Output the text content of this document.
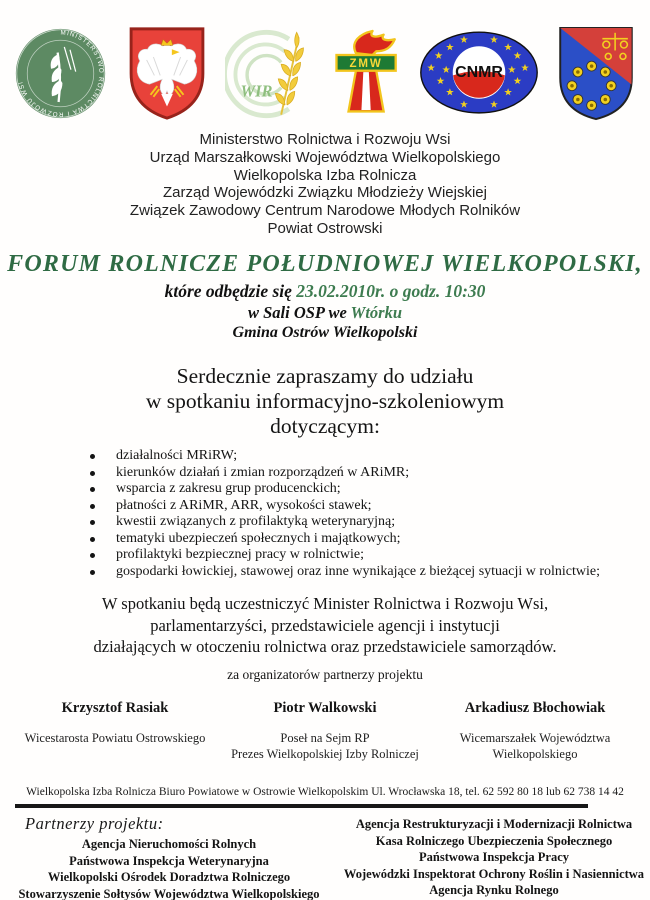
MINISTERSTWO ROLNICTWA I ROZWOJU WSI	WIR
ZMW
CNMR
Ministerstwo Rolnictwa i Rozwoju Wsi
Urząd Marszałkowski Województwa Wielkopolskiego
Wielkopolska Izba Rolnicza
Zarząd Wojewódzki Związku Młodzieży Wiejskiej
Związek Zawodowy Centrum Narodowe Młodych Rolników
Powiat Ostrowski
FORUM ROLNICZE POŁUDNIOWEJ WIELKOPOLSKI,
które odbędzie się 23.02.2010r. o godz. 10:30
w Sali OSP we Wtórku
Gmina Ostrów Wielkopolski
Serdecznie zapraszamy do udziału
w spotkaniu informacyjno-szkoleniowym
dotyczącym:
działalności MRiRW;
kierunków działań i zmian rozporządzeń w ARiMR;
wsparcia z zakresu grup producenckich;
płatności z ARiMR, ARR, wysokości stawek;
kwestii związanych z profilaktyką weterynaryjną;
tematyki ubezpieczeń społecznych i majątkowych;
profilaktyki bezpiecznej pracy w rolnictwie;
gospodarki łowickiej, stawowej oraz inne wynikające z bieżącej sytuacji w rolnictwie;
W spotkaniu będą uczestniczyć Minister Rolnictwa i Rozwoju Wsi,
parlamentarzyści, przedstawiciele agencji i instytucji
działających w otoczeniu rolnictwa oraz przedstawiciele samorządów.
za organizatorów partnerzy projektu
Krzysztof Rasiak
Wicestarosta Powiatu Ostrowskiego
Piotr Walkowski
Poseł na Sejm RP
Prezes Wielkopolskiej Izby Rolniczej
Arkadiusz Błochowiak
Wicemarszałek Województwa
Wielkopolskiego
Wielkopolska Izba Rolnicza Biuro Powiatowe w Ostrowie Wielkopolskim Ul. Wrocławska 18, tel. 62 592 80 18 lub 62 738 14 42
Partnerzy projektu:
Agencja Nieruchomości Rolnych
Państwowa Inspekcja Weterynaryjna
Wielkopolski Ośrodek Doradztwa Rolniczego
Stowarzyszenie Sołtysów Województwa Wielkopolskiego
Agencja Restrukturyzacji i Modernizacji Rolnictwa
Kasa Rolniczego Ubezpieczenia Społecznego
Państwowa Inspekcja Pracy
Wojewódzki Inspektorat Ochrony Roślin i Nasiennictwa
Agencja Rynku Rolnego
